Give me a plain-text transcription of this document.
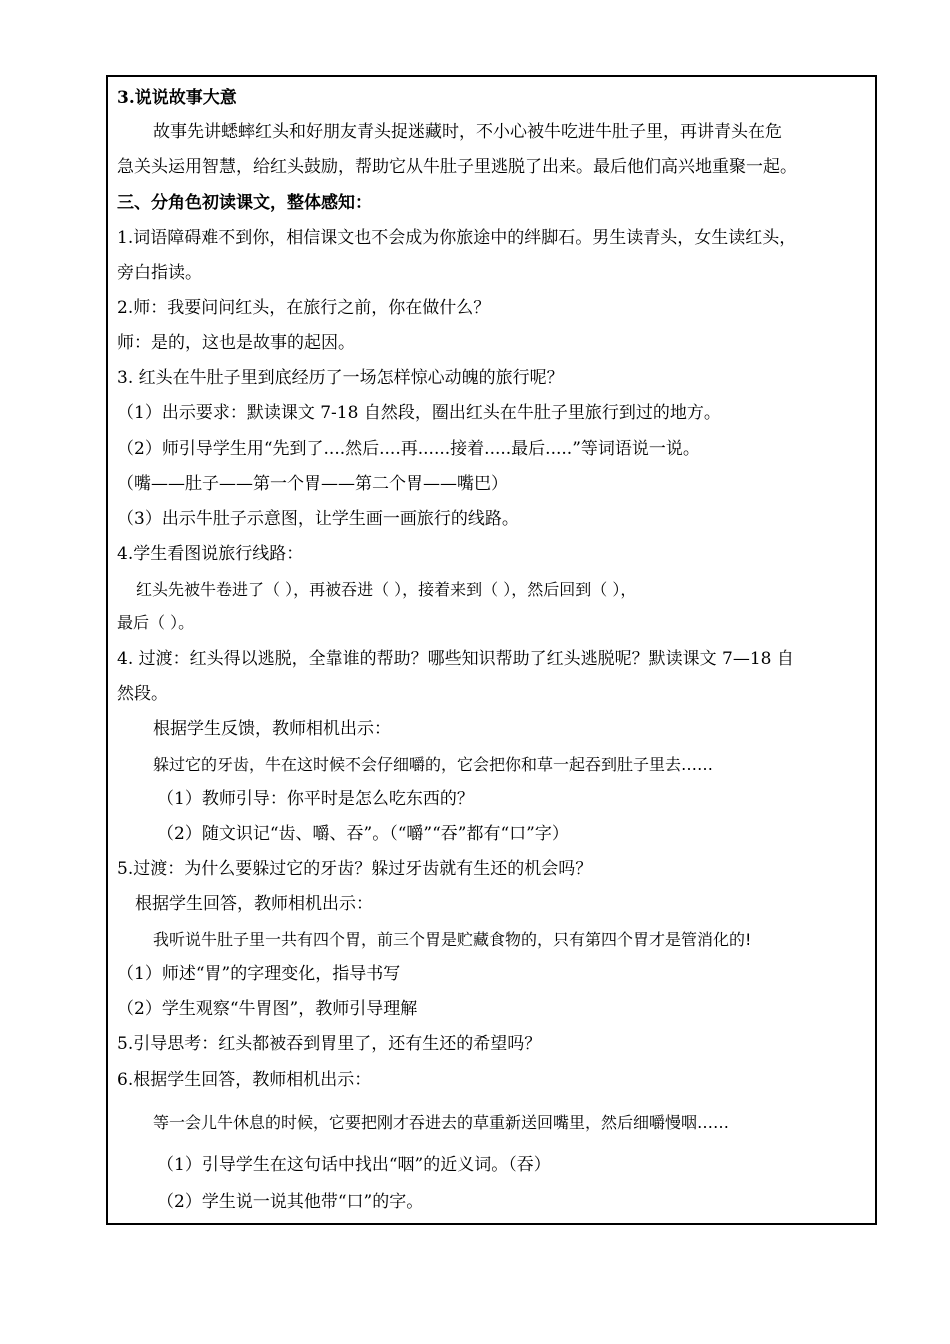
3.说说故事大意
故事先讲蟋蟀红头和好朋友青头捉迷藏时，不小心被牛吃进牛肚子里，再讲青头在危
急关头运用智慧，给红头鼓励，帮助它从牛肚子里逃脱了出来。最后他们高兴地重聚一起。
三、分角色初读课文，整体感知：
1.词语障碍难不到你，相信课文也不会成为你旅途中的绊脚石。男生读青头，女生读红头，
旁白指读。
2.师：我要问问红头，在旅行之前，你在做什么？
师：是的，这也是故事的起因。
3. 红头在牛肚子里到底经历了一场怎样惊心动魄的旅行呢？
（1）出示要求：默读课文 7-18 自然段，圈出红头在牛肚子里旅行到过的地方。
（2）师引导学生用“先到了....然后....再......接着.....最后.....”等词语说一说。
（嘴——肚子——第一个胃——第二个胃——嘴巴）
（3）出示牛肚子示意图，让学生画一画旅行的线路。
4.学生看图说旅行线路：
红头先被牛卷进了（ ），再被吞进（ ），接着来到（ ），然后回到（ ），
最后（ ）。
4. 过渡：红头得以逃脱，全靠谁的帮助？哪些知识帮助了红头逃脱呢？默读课文 7—18 自
然段。
根据学生反馈，教师相机出示：
躲过它的牙齿，牛在这时候不会仔细嚼的，它会把你和草一起吞到肚子里去……
（1）教师引导：你平时是怎么吃东西的？
（2）随文识记“齿、嚼、吞”。（“嚼”“吞”都有“口”字）
5.过渡：为什么要躲过它的牙齿？躲过牙齿就有生还的机会吗？
根据学生回答，教师相机出示：
我听说牛肚子里一共有四个胃，前三个胃是贮藏食物的，只有第四个胃才是管消化的!
（1）师述“胃”的字理变化，指导书写
（2）学生观察“牛胃图”，教师引导理解
5.引导思考：红头都被吞到胃里了，还有生还的希望吗？
6.根据学生回答，教师相机出示：
等一会儿牛休息的时候，它要把刚才吞进去的草重新送回嘴里，然后细嚼慢咽……
（1）引导学生在这句话中找出“咽”的近义词。（吞）
（2）学生说一说其他带“口”的字。
